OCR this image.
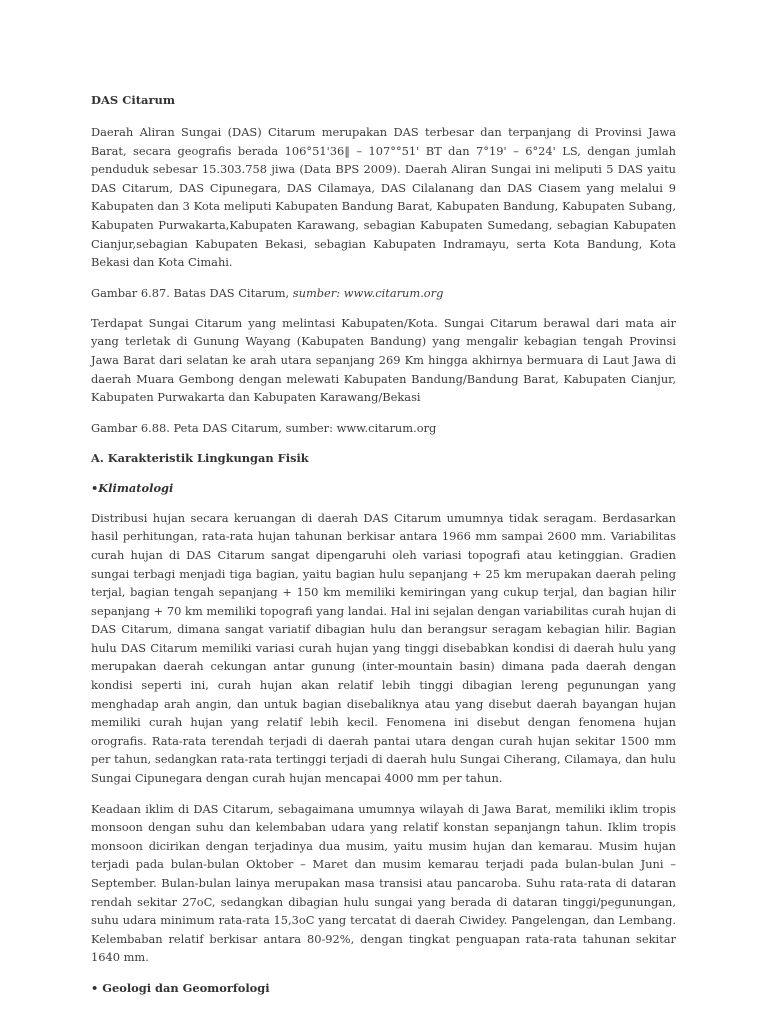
DAS Citarum

Daerah Aliran Sungai (DAS) Citarum merupakan DAS terbesar dan terpanjang di Provinsi Jawa Barat, secara geografis berada 106°51'36‖ – 107°°51' BT dan 7°19' – 6°24' LS, dengan jumlah penduduk sebesar 15.303.758 jiwa (Data BPS 2009). Daerah Aliran Sungai ini meliputi 5 DAS yaitu DAS Citarum, DAS Cipunegara, DAS Cilamaya, DAS Cilalanang dan DAS Ciasem yang melalui 9 Kabupaten dan 3 Kota meliputi Kabupaten Bandung Barat, Kabupaten Bandung, Kabupaten Subang, Kabupaten Purwakarta,Kabupaten Karawang, sebagian Kabupaten Sumedang, sebagian Kabupaten Cianjur,sebagian Kabupaten Bekasi, sebagian Kabupaten Indramayu, serta Kota Bandung, Kota Bekasi dan Kota Cimahi.

Gambar 6.87. Batas DAS Citarum, sumber: www.citarum.org

Terdapat Sungai Citarum yang melintasi Kabupaten/Kota. Sungai Citarum berawal dari mata air yang terletak di Gunung Wayang (Kabupaten Bandung) yang mengalir kebagian tengah Provinsi Jawa Barat dari selatan ke arah utara sepanjang 269 Km hingga akhirnya bermuara di Laut Jawa di daerah Muara Gembong dengan melewati Kabupaten Bandung/Bandung Barat, Kabupaten Cianjur, Kabupaten Purwakarta dan Kabupaten Karawang/Bekasi

Gambar 6.88. Peta DAS Citarum, sumber: www.citarum.org

A. Karakteristik Lingkungan Fisik
•Klimatologi

Distribusi hujan secara keruangan di daerah DAS Citarum umumnya tidak seragam. Berdasarkan hasil perhitungan, rata-rata hujan tahunan berkisar antara 1966 mm sampai 2600 mm. Variabilitas curah hujan di DAS Citarum sangat dipengaruhi oleh variasi topografi atau ketinggian. Gradien sungai terbagi menjadi tiga bagian, yaitu bagian hulu sepanjang + 25 km merupakan daerah peling terjal, bagian tengah sepanjang + 150 km memiliki kemiringan yang cukup terjal, dan bagian hilir sepanjang + 70 km memiliki topografi yang landai. Hal ini sejalan dengan variabilitas curah hujan di DAS Citarum, dimana sangat variatif dibagian hulu dan berangsur seragam kebagian hilir. Bagian hulu DAS Citarum memiliki variasi curah hujan yang tinggi disebabkan kondisi di daerah hulu yang merupakan daerah cekungan antar gunung (inter-mountain basin) dimana pada daerah dengan kondisi seperti ini, curah hujan akan relatif lebih tinggi dibagian lereng pegunungan yang menghadap arah angin, dan untuk bagian disebaliknya atau yang disebut daerah bayangan hujan memiliki curah hujan yang relatif lebih kecil. Fenomena ini disebut dengan fenomena hujan orografis. Rata-rata terendah terjadi di daerah pantai utara dengan curah hujan sekitar 1500 mm per tahun, sedangkan rata-rata tertinggi terjadi di daerah hulu Sungai Ciherang, Cilamaya, dan hulu Sungai Cipunegara dengan curah hujan mencapai 4000 mm per tahun.

Keadaan iklim di DAS Citarum, sebagaimana umumnya wilayah di Jawa Barat, memiliki iklim tropis monsoon dengan suhu dan kelembaban udara yang relatif konstan sepanjangn tahun. Iklim tropis monsoon dicirikan dengan terjadinya dua musim, yaitu musim hujan dan kemarau. Musim hujan terjadi pada bulan-bulan Oktober – Maret dan musim kemarau terjadi pada bulan-bulan Juni – September. Bulan-bulan lainya merupakan masa transisi atau pancaroba. Suhu rata-rata di dataran rendah sekitar 27oC, sedangkan dibagian hulu sungai yang berada di dataran tinggi/pegunungan, suhu udara minimum rata-rata 15,3oC yang tercatat di daerah Ciwidey. Pangelengan, dan Lembang. Kelembaban relatif berkisar antara 80-92%, dengan tingkat penguapan rata-rata tahunan sekitar 1640 mm.

• Geologi dan Geomorfologi
